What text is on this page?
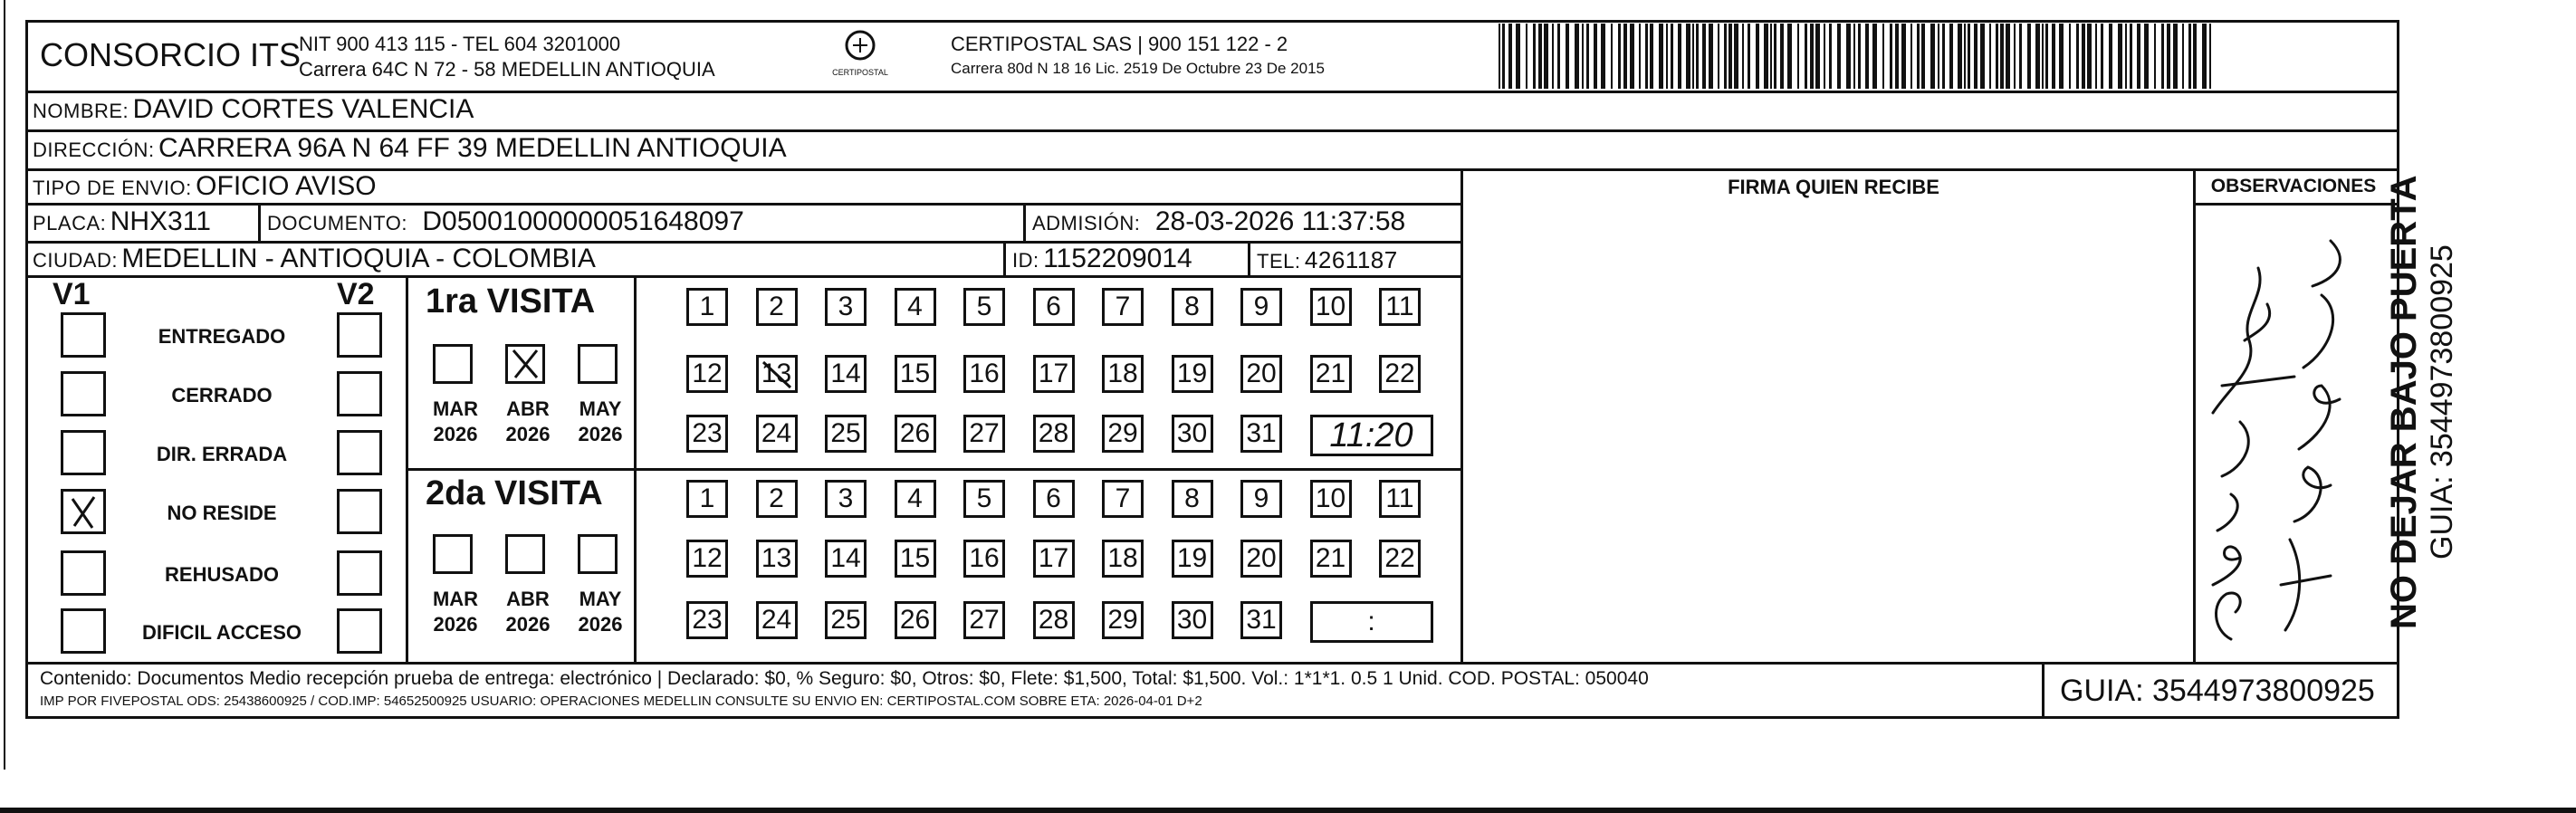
CONSORCIO ITS
NIT 900 413 115 - TEL 604 3201000
Carrera 64C N 72 - 58 MEDELLIN ANTIOQUIA	CERTIPOSTAL
CERTIPOSTAL SAS | 900 151 122 - 2
Carrera 80d N 18 16 Lic. 2519 De Octubre 23 De 2015
NOMBRE: DAVID CORTES VALENCIA
DIRECCIÓN: CARRERA 96A N 64 FF 39 MEDELLIN ANTIOQUIA
TIPO DE ENVIO: OFICIO AVISO	FIRMA QUIEN RECIBE	OBSERVACIONES
PLACA: NHX311	DOCUMENTO: D05001000000051648097	ADMISIÓN: 28-03-2026 11:37:58
CIUDAD: MEDELLIN - ANTIOQUIA - COLOMBIA	ID: 1152209014	TEL: 4261187
V1	V2
ENTREGADO
CERRADO
DIR. ERRADA
NO RESIDE
REHUSADO
DIFICIL ACCESO
1ra VISITA
2da VISITA
MAR
2026
ABR
2026
MAY
2026
MAR
2026
ABR
2026
MAY
2026
1	2	3	4	5	6	7	8	9	10 11
12 13 14 15 16 17 18 19 20 21 22
23 24 25 26 27 28 29 30 31	11:20
1	2	3	4	5	6	7	8	9	10 11
12 13 14 15 16 17 18 19 20 21 22
23 24 25 26 27 28 29 30 31	:
Casa Atlahd Flew y el
Contenido: Documentos Medio recepción prueba de entrega: electrónico | Declarado: $0, % Seguro: $0, Otros: $0, Flete: $1,500, Total: $1,500. Vol.: 1*1*1. 0.5 1 Unid. COD. POSTAL: 050040
IMP POR FIVEPOSTAL ODS: 25438600925 / COD.IMP: 54652500925 USUARIO: OPERACIONES MEDELLIN CONSULTE SU ENVIO EN: CERTIPOSTAL.COM SOBRE ETA: 2026-04-01 D+2	GUIA: 3544973800925
NO DEJAR BAJO PUERTA GUIA: 3544973800925
